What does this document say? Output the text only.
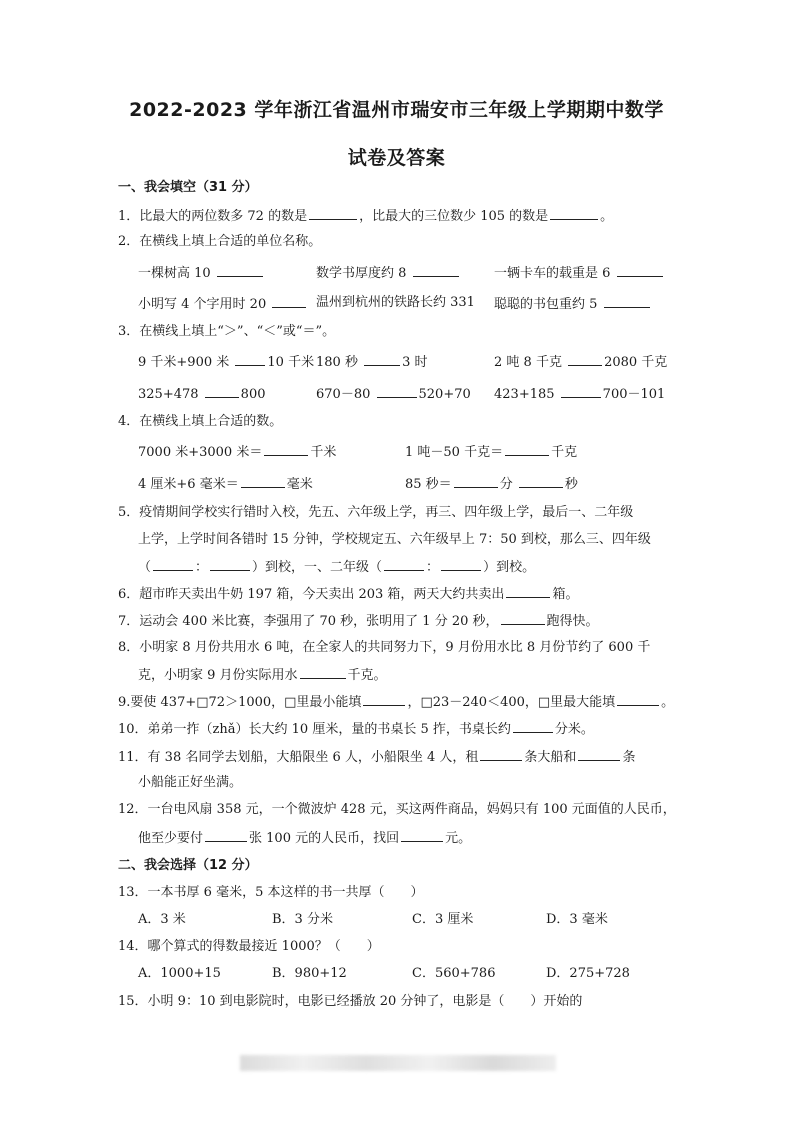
2022-2023 学年浙江省温州市瑞安市三年级上学期期中数学
试卷及答案
一、我会填空（31 分）
1．比最大的两位数多 72 的数是	，比最大的三位数少 105 的数是	。
2．在横线上填上合适的单位名称。
一棵树高 10	数学书厚度约 8	一辆卡车的载重是 6
小明写 4 个字用时 20	温州到杭州的铁路长约 331 聪聪的书包重约 5
3．在横线上填上“＞”、“＜”或“＝”。
9 千米+900 米	10 千米 180 秒	3 时	2 吨 8 千克	2080 千克
325+478	800	670－80	520+70 423+185	700－101
4．在横线上填上合适的数。
7000 米+3000 米＝	千米	1 吨－50 千克＝	千克
4 厘米+6 毫米＝	毫米	85 秒＝	分	秒
5．疫情期间学校实行错时入校，先五、六年级上学，再三、四年级上学，最后一、二年级
上学，上学时间各错时 15 分钟，学校规定五、六年级早上 7：50 到校，那么三、四年级
（	：	）到校，一、二年级（	：	）到校。
6．超市昨天卖出牛奶 197 箱，今天卖出 203 箱，两天大约共卖出	箱。
7．运动会 400 米比赛，李强用了 70 秒，张明用了 1 分 20 秒，	跑得快。
8．小明家 8 月份共用水 6 吨，在全家人的共同努力下，9 月份用水比 8 月份节约了 600 千
克，小明家 9 月份实际用水	千克。
9.要使 437+□72＞1000，□里最小能填	，□23－240＜400，□里最大能填	。
10．弟弟一拃（zhǎ）长大约 10 厘米，量的书桌长 5 拃，书桌长约	分米。
11．有 38 名同学去划船，大船限坐 6 人，小船限坐 4 人，租	条大船和	条
小船能正好坐满。
12．一台电风扇 358 元，一个微波炉 428 元，买这两件商品，妈妈只有 100 元面值的人民币，
他至少要付	张 100 元的人民币，找回	元。
二、我会选择（12 分）
13．一本书厚 6 毫米，5 本这样的书一共厚（　　）
A．3 米	B．3 分米	C．3 厘米	D．3 毫米
14．哪个算式的得数最接近 1000？（　　）
A．1000+15	B．980+12	C．560+786	D．275+728
15．小明 9：10 到电影院时，电影已经播放 20 分钟了，电影是（　　）开始的
